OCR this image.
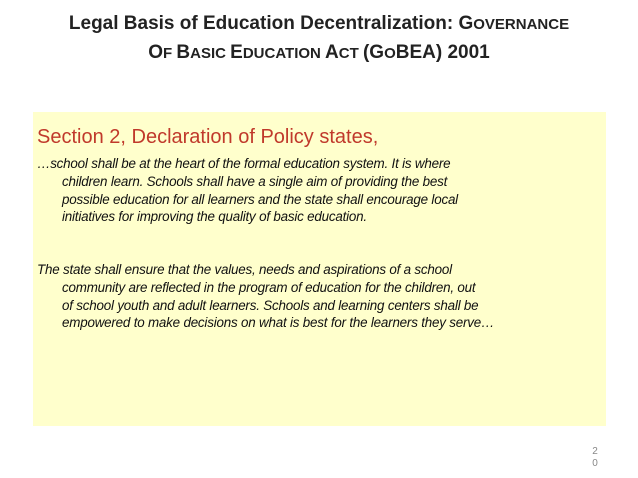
Legal Basis of Education Decentralization: GOVERNANCE
OF BASIC EDUCATION ACT (GOBEA) 2001
Section 2, Declaration of Policy states,
…school shall be at the heart of the formal education system. It is where
children learn. Schools shall have a single aim of providing the best
possible education for all learners and the state shall encourage local
initiatives for improving the quality of basic education.
The state shall ensure that the values, needs and aspirations of a school
community are reflected in the program of education for the children, out
of school youth and adult learners. Schools and learning centers shall be
empowered to make decisions on what is best for the learners they serve…
2
0
